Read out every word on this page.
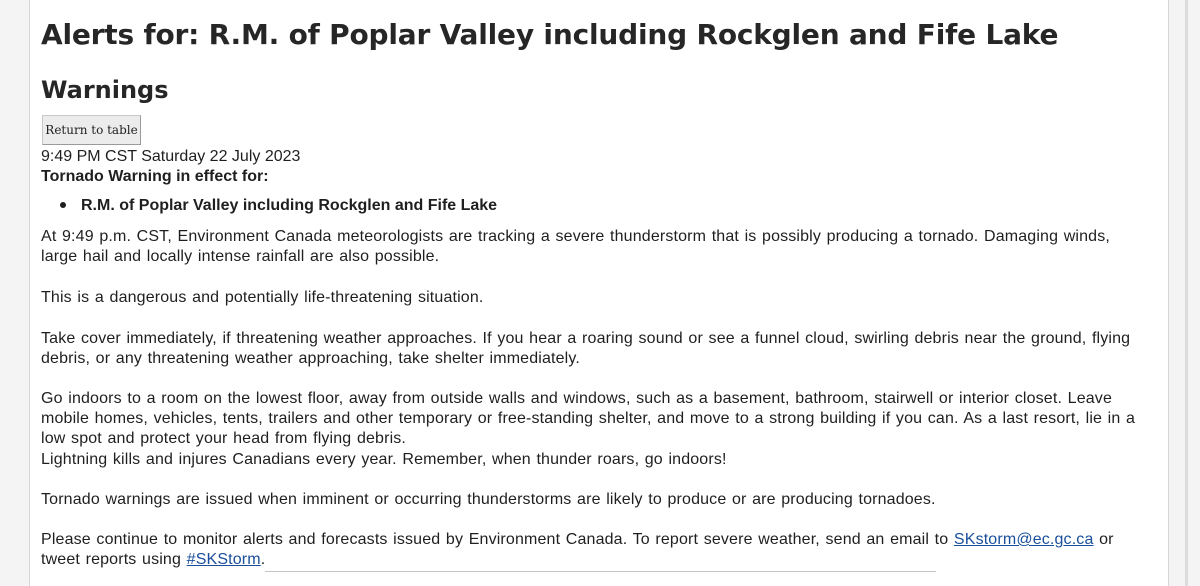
Alerts for: R.M. of Poplar Valley including Rockglen and Fife Lake
Warnings
Return to table

9:49 PM CST Saturday 22 July 2023

Tornado Warning in effect for:

R.M. of Poplar Valley including Rockglen and Fife Lake

At 9:49 p.m. CST, Environment Canada meteorologists are tracking a severe thunderstorm that is possibly producing a tornado. Damaging winds, large hail and locally intense rainfall are also possible.

This is a dangerous and potentially life-threatening situation.

Take cover immediately, if threatening weather approaches. If you hear a roaring sound or see a funnel cloud, swirling debris near the ground, flying debris, or any threatening weather approaching, take shelter immediately.

Go indoors to a room on the lowest floor, away from outside walls and windows, such as a basement, bathroom, stairwell or interior closet. Leave mobile homes, vehicles, tents, trailers and other temporary or free-standing shelter, and move to a strong building if you can. As a last resort, lie in a low spot and protect your head from flying debris.

Lightning kills and injures Canadians every year. Remember, when thunder roars, go indoors!

Tornado warnings are issued when imminent or occurring thunderstorms are likely to produce or are producing tornadoes.

Please continue to monitor alerts and forecasts issued by Environment Canada. To report severe weather, send an email to SKstorm@ec.gc.ca or tweet reports using #SKStorm.
